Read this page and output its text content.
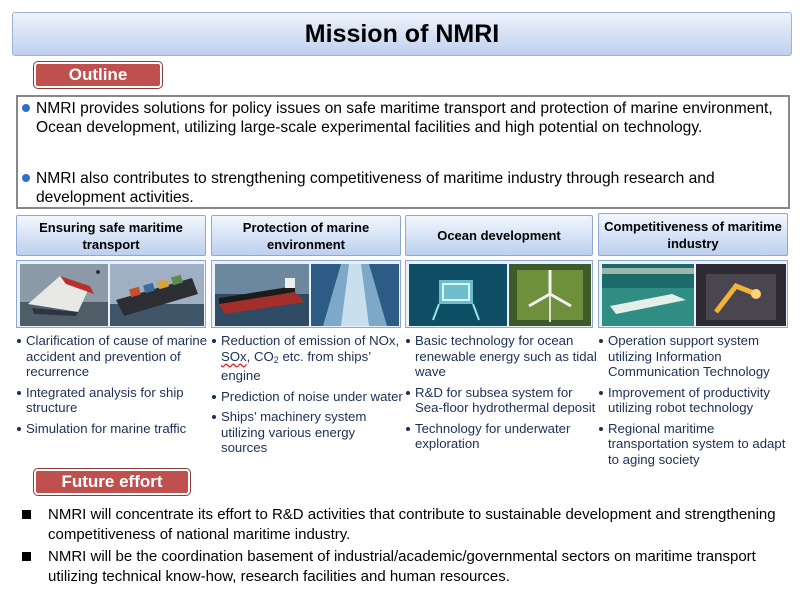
Mission of NMRI
Outline
NMRI provides solutions for policy issues on safe maritime transport and protection of marine environment, Ocean development, utilizing large-scale experimental facilities and high potential on technology.
NMRI also contributes to strengthening competitiveness of maritime industry through research and development activities.
Ensuring safe maritime transport
Clarification of cause of marine accident and prevention of recurrence
Integrated analysis for ship structure
Simulation for marine traffic
Protection of marine environment
Reduction of emission of NOx, SOx, $CO_2$ etc. from ships’ engine
Prediction of noise under water
Ships’ machinery system utilizing various energy sources
Ocean development
Basic technology for ocean renewable energy such as tidal wave
R&D for subsea system for Sea-floor hydrothermal deposit
Technology for underwater exploration
Competitiveness of maritime industry
Operation support system utilizing Information Communication Technology
Improvement of productivity utilizing robot technology
Regional maritime transportation system to adapt to aging society
Future effort
NMRI will concentrate its effort to R&D activities that contribute to sustainable development and strengthening competitiveness of national maritime industry.
NMRI will be the coordination basement of industrial/academic/governmental sectors on maritime transport utilizing technical know-how, research facilities and human resources.
